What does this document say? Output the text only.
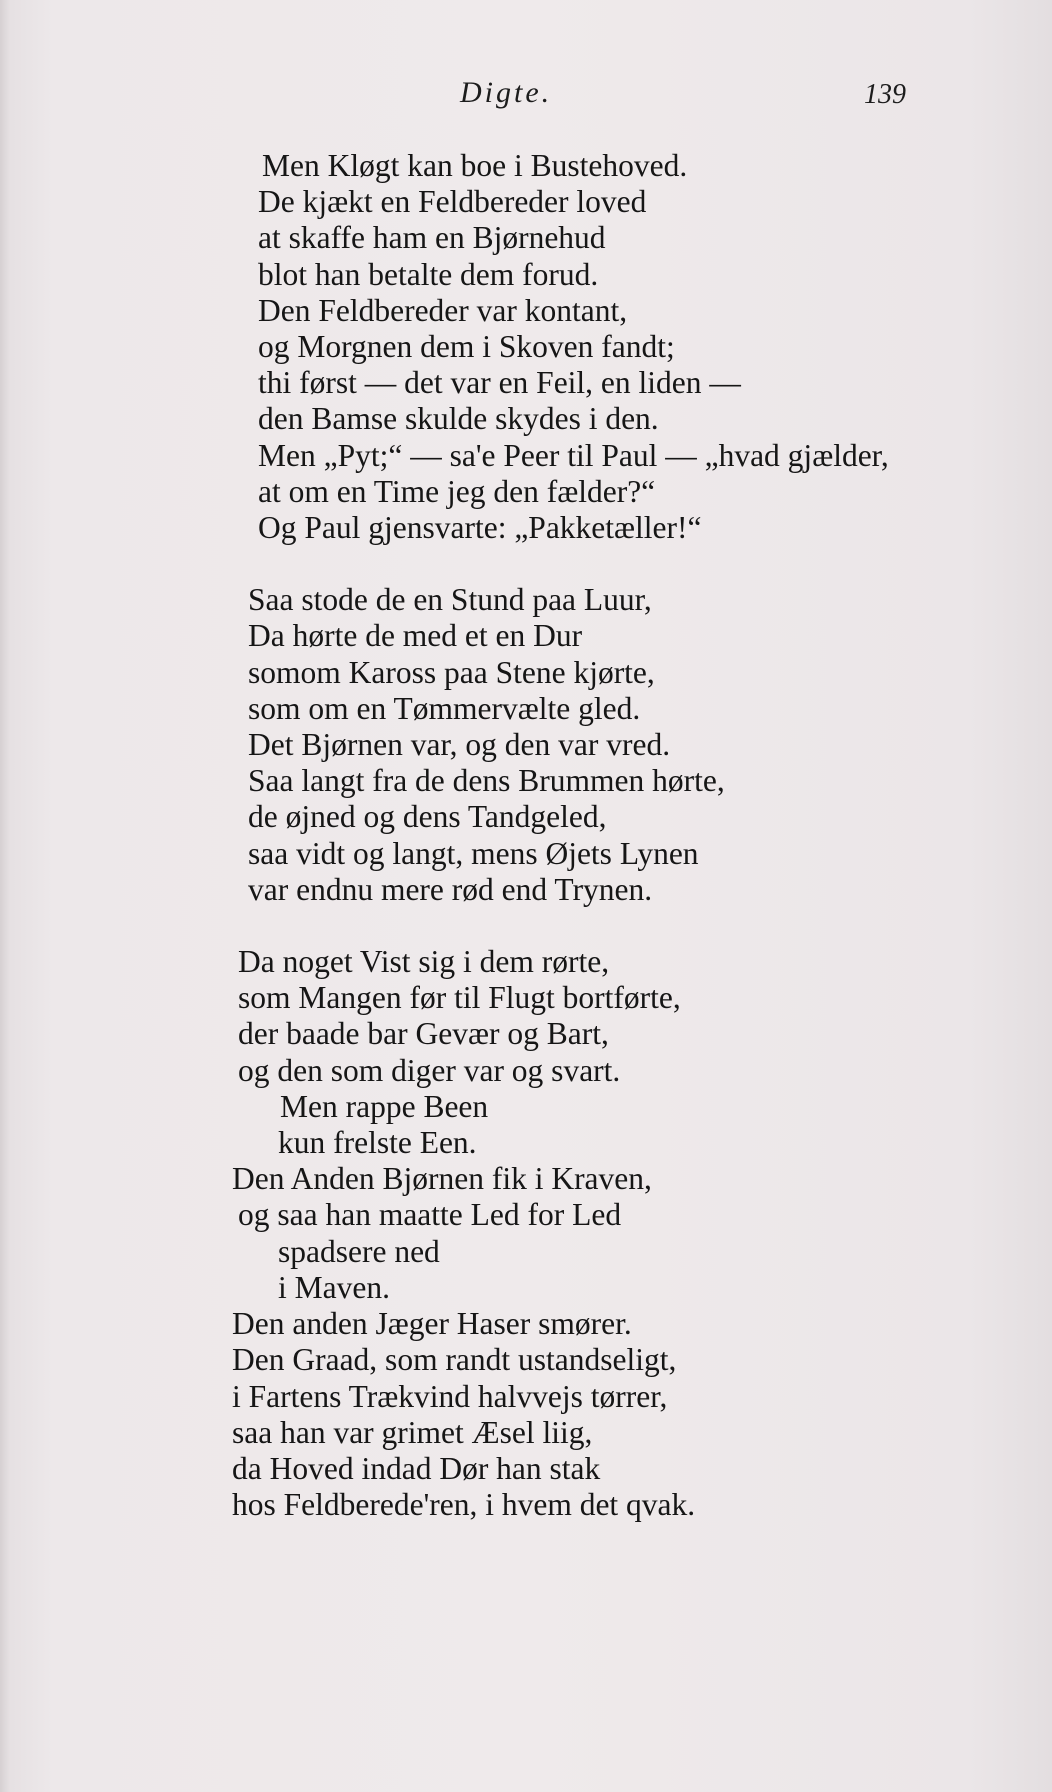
Digte.	139
Men Kløgt kan boe i Bustehoved.
De kjækt en Feldbereder loved
at skaffe ham en Bjørnehud
blot han betalte dem forud.
Den Feldbereder var kontant,
og Morgnen dem i Skoven fandt;
thi først — det var en Feil, en liden —
den Bamse skulde skydes i den.
Men „Pyt;“ — sa'e Peer til Paul — „hvad gjælder,
at om en Time jeg den fælder?“
Og Paul gjensvarte: „Pakketæller!“
Saa stode de en Stund paa Luur,
Da hørte de med et en Dur
somom Kaross paa Stene kjørte,
som om en Tømmervælte gled.
Det Bjørnen var, og den var vred.
Saa langt fra de dens Brummen hørte,
de øjned og dens Tandgeled,
saa vidt og langt, mens Øjets Lynen
var endnu mere rød end Trynen.
Da noget Vist sig i dem rørte,
som Mangen før til Flugt bortførte,
der baade bar Gevær og Bart,
og den som diger var og svart.
Men rappe Been
kun frelste Een.
Den Anden Bjørnen fik i Kraven,
og saa han maatte Led for Led
spadsere ned
i Maven.
Den anden Jæger Haser smører.
Den Graad, som randt ustandseligt,
i Fartens Trækvind halvvejs tørrer,
saa han var grimet Æsel liig,
da Hoved indad Dør han stak
hos Feldberede'ren, i hvem det qvak.
